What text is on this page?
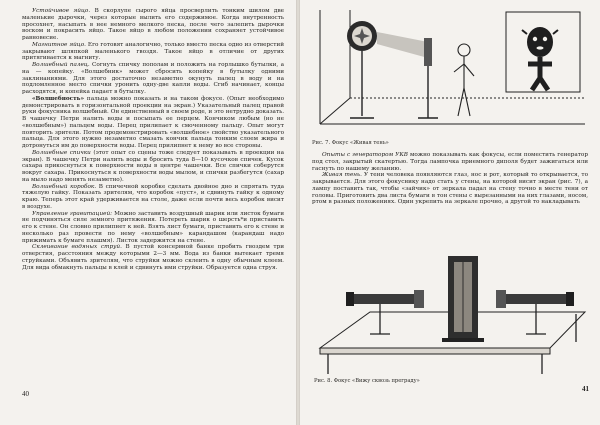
Устойчивое яйцо. В скорлупе сырого яйца просверлить тонким шилом две маленькие дырочки, через которые вылить его содержимое. Когда внутренность просохнет, насыпать в нее немного мелкого песка, после чего залепить дырочки воском и покрасить яйцо. Такое яйцо в любом положении сохраняет устойчивое равновесие.

Магнитное яйцо. Его готовят аналогично, только вместо песка одно из отверстий закрывают шляпкой маленького гвоздя. Такое яйцо в отличие от других притягивается к магниту.

Волшебный палец. Согнуть спичку пополам и положить на горлышко бутылки, а на — копейку. «Волшебник» может сбросить копейку в бутылку одними заклинаниями. Для этого достаточно незаметно окунуть палец в воду и на подломленное место спички уронить одну-две капли воды. Сгиб начинает, концы расходятся, и копейка падает в бутылку.

«Волшебность» пальца можно показать и на таком фокусе. (Опыт необходимо демонстрировать в горизонтальной проекции на экран.) Указательный палец правой руки фокусника волшебный. Он единственный в своем роде, и это нетрудно доказать. В чашечку Петри налить воды и посыпать ее перцем. Кончиком любым (но не «волшебным») пальцем воды. Перец прилипает к смоченному пальцу. Опыт могут повторить зрители. Потом продемонстрировать «волшебное» свойство указательного пальца. Для этого нужно незаметно смазать кончик пальца тонким слоем жира и дотронуться им до поверхности воды. Перец прилипнет к нему во все стороны.

Волшебные спички (этот опыт со сцены тоже следует показывать в проекции на экран). В чашечку Петри налить воды и бросить туда 8—10 кусочков спичек. Кусок сахара прикоснуться к поверхности воды в центре чашечки. Все спички соберутся вокруг сахара. Прикоснуться к поверхности воды мылом, и спички разбегутся (сахар на мыло надо менять незаметно).

Волшебный коробок. В спичечной коробке сделать двойное дно и спрятать туда тяжелую гайку. Показать зрителям, что коробок «пуст», и сдвинуть гайку к одному краю. Теперь этот край удерживается на столе, даже если почти весь коробок висит в воздухе.

Управление гравитацией: Можно заставить воздушный шарик или листок бумаги не подчиняться силе земного притяжения. Потереть шарик о шерсть*и приставить его к стене. Он словно прилипнет к ней. Взять лист бумаги, приставить его к стене и несколько раз провести по нему «волшебным» карандашом (карандаш надо прижимать к бумаге плашмя). Листок задержится на стене.

Склеивание водяных струй. В пустой консервной банке пробить гвоздем три отверстия, расстояния между которыми 2—3 мм. Вода из банки вытекает тремя струйками. Объявить зрителям, что струйки можно склеить в одну обычным клеем. Для вида обмакнуть пальцы в клей и сдвинуть ими струйки. Образуется одна струя.

40
Рис. 7. Фокус «Живая тень»

Опыты с генератором УКВ можно показывать как фокусы, если поместить генератор под стол, закрытый скатертью. Тогда лампочка приемного диполя будет зажигаться или гаснуть по нашему желанию.

Живая тень. У тени человека появляются глаз, нос и рот, который то открывается, то закрывается. Для этого фокуснику надо стать у стены, на которой висит экран (рис. 7), а лампу поставить так, чтобы «зайчик» от зеркала падал на стену точно в месте тени от головы. Приготовить два листа бумаги в тон стены с вырезанными на них глазами, носом, ртом в разных положениях. Один укрепить на зеркале прочно, а другой то накладывать

Рис. 8. Фокус «Вижу сквозь преграду»
41
